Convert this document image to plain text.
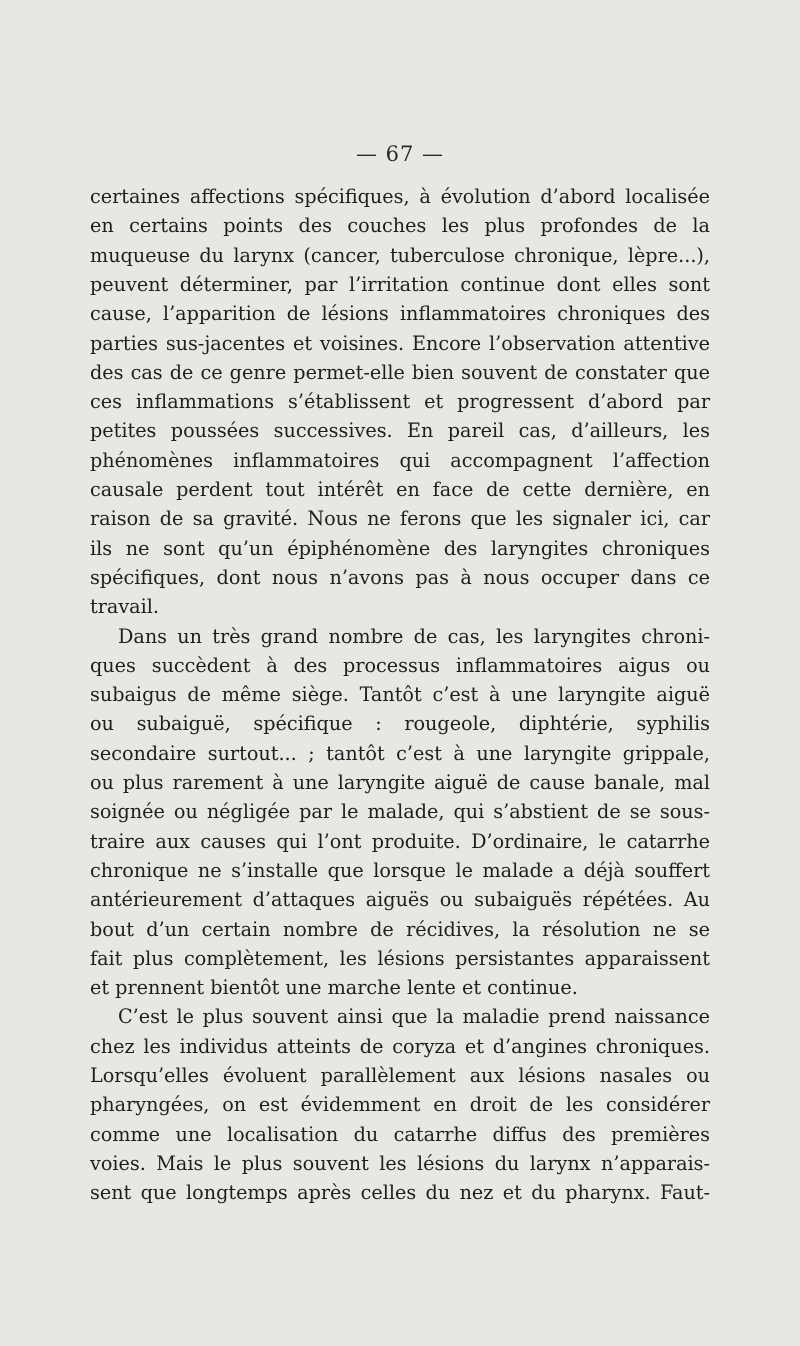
— 67 —
certaines affections spécifiques, à évolution d’abord localisée
en certains points des couches les plus profondes de la
muqueuse du larynx (cancer, tuberculose chronique, lèpre...),
peuvent déterminer, par l’irritation continue dont elles sont
cause, l’apparition de lésions inflammatoires chroniques des
parties sus-jacentes et voisines. Encore l’observation attentive
des cas de ce genre permet-elle bien souvent de constater que
ces inflammations s’établissent et progressent d’abord par
petites poussées successives. En pareil cas, d’ailleurs, les
phénomènes inflammatoires qui accompagnent l’affection
causale perdent tout intérêt en face de cette dernière, en
raison de sa gravité. Nous ne ferons que les signaler ici, car
ils ne sont qu’un épiphénomène des laryngites chroniques
spécifiques, dont nous n’avons pas à nous occuper dans ce
travail.
Dans un très grand nombre de cas, les laryngites chroni-
ques succèdent à des processus inflammatoires aigus ou
subaigus de même siège. Tantôt c’est à une laryngite aiguë
ou subaiguë, spécifique : rougeole, diphtérie, syphilis
secondaire surtout... ; tantôt c’est à une laryngite grippale,
ou plus rarement à une laryngite aiguë de cause banale, mal
soignée ou négligée par le malade, qui s’abstient de se sous-
traire aux causes qui l’ont produite. D’ordinaire, le catarrhe
chronique ne s’installe que lorsque le malade a déjà souffert
antérieurement d’attaques aiguës ou subaiguës répétées. Au
bout d’un certain nombre de récidives, la résolution ne se
fait plus complètement, les lésions persistantes apparaissent
et prennent bientôt une marche lente et continue.
C’est le plus souvent ainsi que la maladie prend naissance
chez les individus atteints de coryza et d’angines chroniques.
Lorsqu’elles évoluent parallèlement aux lésions nasales ou
pharyngées, on est évidemment en droit de les considérer
comme une localisation du catarrhe diffus des premières
voies. Mais le plus souvent les lésions du larynx n’apparais-
sent que longtemps après celles du nez et du pharynx. Faut-
